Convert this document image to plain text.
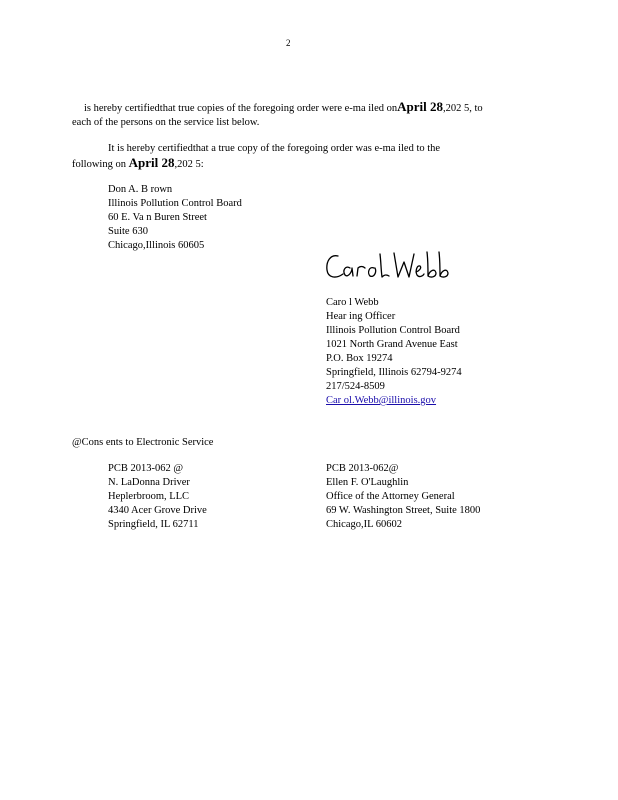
2
is hereby certifiedthat true copies of the foregoing order were e-ma iled onApril 28,202 5, to
each of the persons on the service list below.
It is hereby certifiedthat a true copy of the foregoing order was e-ma iled to the
following on April 28,202 5:
Don A. B rown
Illinois Pollution Control Board
60 E. Va n Buren Street
Suite 630
Chicago,Illinois 60605
Caro l Webb
Hear ing Officer
Illinois Pollution Control Board
1021 North Grand Avenue East
P.O. Box 19274
Springfield, Illinois 62794-9274
217/524-8509
Car ol.Webb@illinois.gov
@Cons ents to Electronic Service
PCB 2013-062 @
N. LaDonna Driver
Heplerbroom, LLC
4340 Acer Grove Drive
Springfield, IL 62711
PCB 2013-062@
Ellen F. O'Laughlin
Office of the Attorney General
69 W. Washington Street, Suite 1800
Chicago,IL 60602
